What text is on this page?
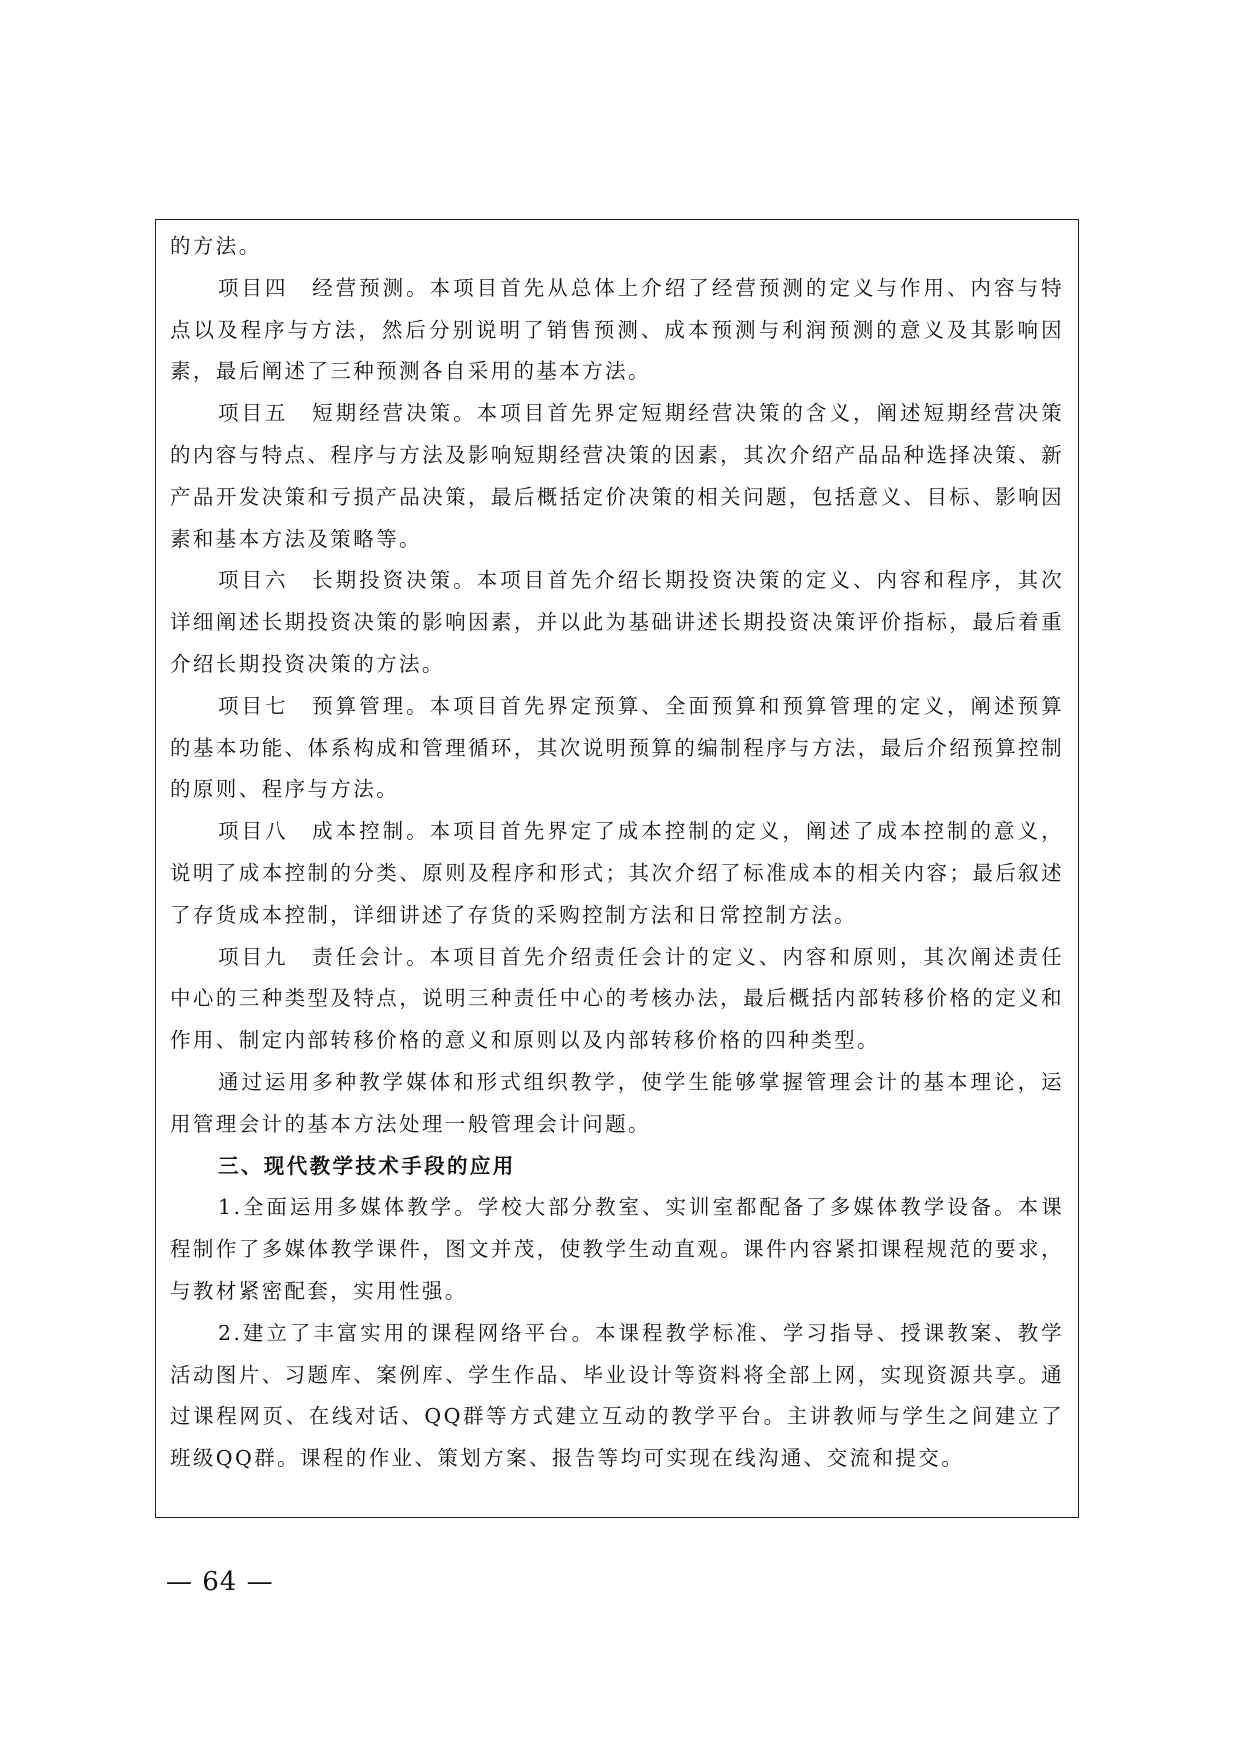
的方法。

项目四　经营预测。本项目首先从总体上介绍了经营预测的定义与作用、内容与特点以及程序与方法，然后分别说明了销售预测、成本预测与利润预测的意义及其影响因素，最后阐述了三种预测各自采用的基本方法。

项目五　短期经营决策。本项目首先界定短期经营决策的含义，阐述短期经营决策的内容与特点、程序与方法及影响短期经营决策的因素，其次介绍产品品种选择决策、新产品开发决策和亏损产品决策，最后概括定价决策的相关问题，包括意义、目标、影响因素和基本方法及策略等。

项目六　长期投资决策。本项目首先介绍长期投资决策的定义、内容和程序，其次详细阐述长期投资决策的影响因素，并以此为基础讲述长期投资决策评价指标，最后着重介绍长期投资决策的方法。

项目七　预算管理。本项目首先界定预算、全面预算和预算管理的定义，阐述预算的基本功能、体系构成和管理循环，其次说明预算的编制程序与方法，最后介绍预算控制的原则、程序与方法。

项目八　成本控制。本项目首先界定了成本控制的定义，阐述了成本控制的意义，说明了成本控制的分类、原则及程序和形式；其次介绍了标准成本的相关内容；最后叙述了存货成本控制，详细讲述了存货的采购控制方法和日常控制方法。

项目九　责任会计。本项目首先介绍责任会计的定义、内容和原则，其次阐述责任中心的三种类型及特点，说明三种责任中心的考核办法，最后概括内部转移价格的定义和作用、制定内部转移价格的意义和原则以及内部转移价格的四种类型。

通过运用多种教学媒体和形式组织教学，使学生能够掌握管理会计的基本理论，运用管理会计的基本方法处理一般管理会计问题。

三、现代教学技术手段的应用

1.全面运用多媒体教学。学校大部分教室、实训室都配备了多媒体教学设备。本课程制作了多媒体教学课件，图文并茂，使教学生动直观。课件内容紧扣课程规范的要求，与教材紧密配套，实用性强。

2.建立了丰富实用的课程网络平台。本课程教学标准、学习指导、授课教案、教学活动图片、习题库、案例库、学生作品、毕业设计等资料将全部上网，实现资源共享。通过课程网页、在线对话、QQ群等方式建立互动的教学平台。主讲教师与学生之间建立了班级QQ群。课程的作业、策划方案、报告等均可实现在线沟通、交流和提交。

— 64 —
